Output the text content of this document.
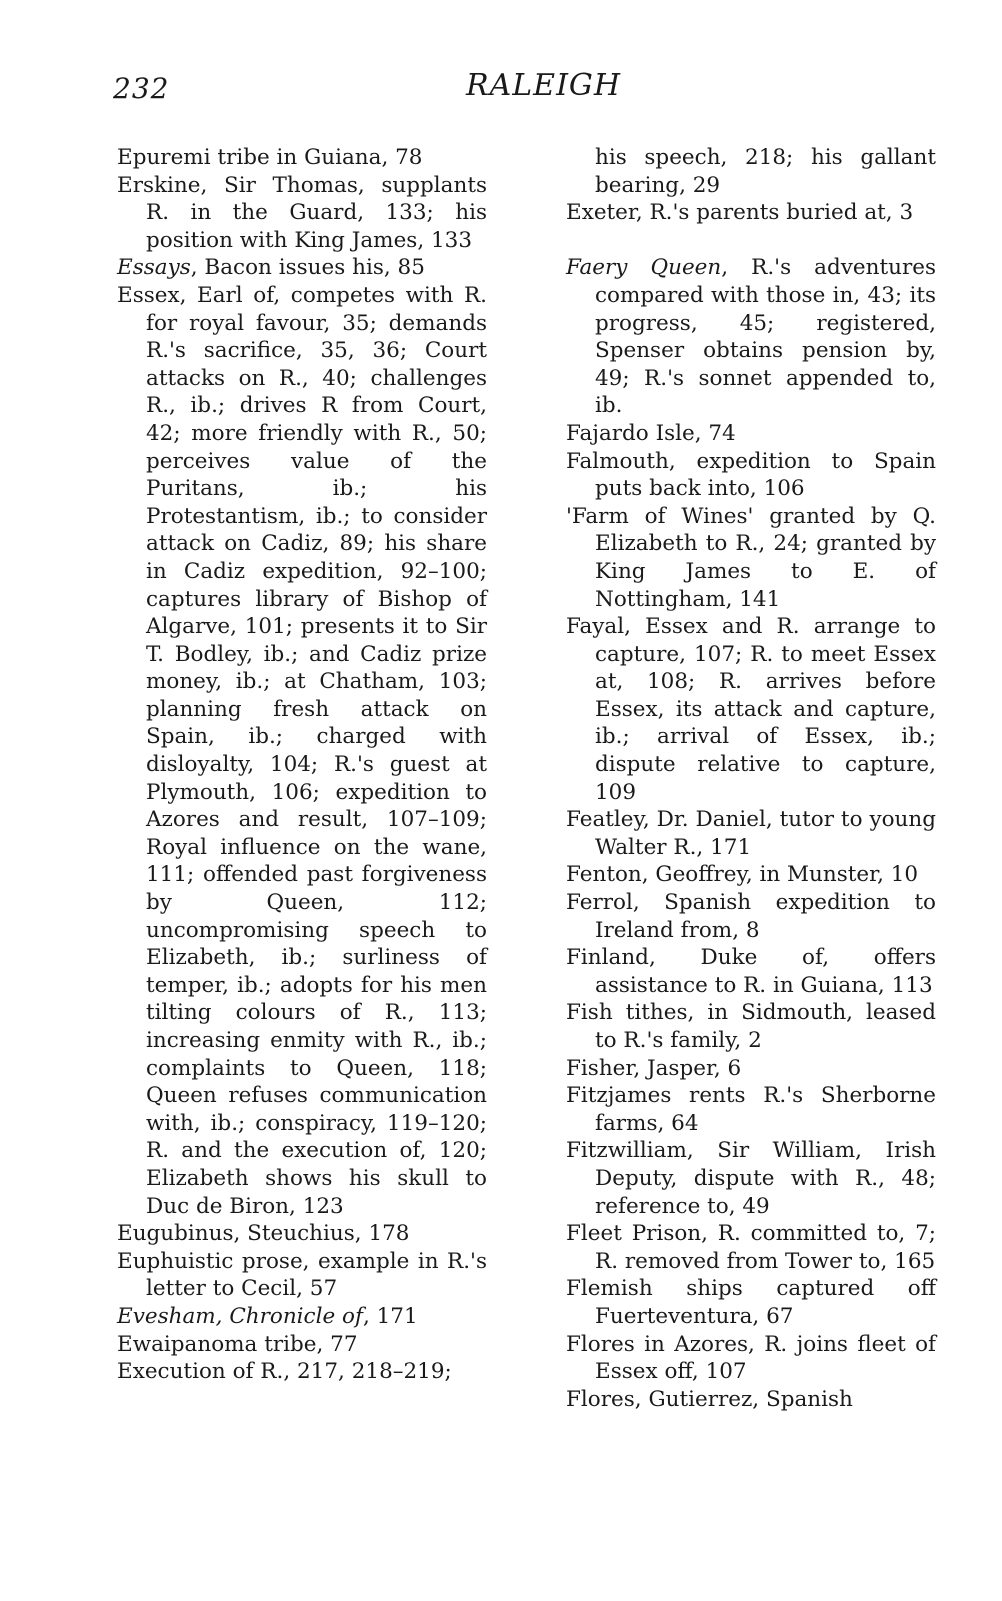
232	RALEIGH
Epuremi tribe in Guiana, 78
Erskine, Sir Thomas, supplants R. in the Guard, 133; his position with King James, 133
Essays, Bacon issues his, 85
Essex, Earl of, competes with R. for royal favour, 35; demands R.'s sacrifice, 35, 36; Court attacks on R., 40; challenges R., ib.; drives R from Court, 42; more friendly with R., 50; perceives value of the Puritans, ib.; his Protestantism, ib.; to consider attack on Cadiz, 89; his share in Cadiz expedition, 92–100; captures library of Bishop of Algarve, 101; presents it to Sir T. Bodley, ib.; and Cadiz prize money, ib.; at Chatham, 103; planning fresh attack on Spain, ib.; charged with disloyalty, 104; R.'s guest at Plymouth, 106; expedition to Azores and result, 107–109; Royal influence on the wane, 111; offended past forgiveness by Queen, 112; uncompromising speech to Elizabeth, ib.; surliness of temper, ib.; adopts for his men tilting colours of R., 113; increasing enmity with R., ib.; complaints to Queen, 118; Queen refuses communication with, ib.; conspiracy, 119–120; R. and the execution of, 120; Elizabeth shows his skull to Duc de Biron, 123
Eugubinus, Steuchius, 178
Euphuistic prose, example in R.'s letter to Cecil, 57
Evesham, Chronicle of, 171
Ewaipanoma tribe, 77
Execution of R., 217, 218–219;
his speech, 218; his gallant bearing, 29
Exeter, R.'s parents buried at, 3
Faery Queen, R.'s adventures compared with those in, 43; its progress, 45; registered, Spenser obtains pension by, 49; R.'s sonnet appended to, ib.
Fajardo Isle, 74
Falmouth, expedition to Spain puts back into, 106
'Farm of Wines' granted by Q. Elizabeth to R., 24; granted by King James to E. of Nottingham, 141
Fayal, Essex and R. arrange to capture, 107; R. to meet Essex at, 108; R. arrives before Essex, its attack and capture, ib.; arrival of Essex, ib.; dispute relative to capture, 109
Featley, Dr. Daniel, tutor to young Walter R., 171
Fenton, Geoffrey, in Munster, 10
Ferrol, Spanish expedition to Ireland from, 8
Finland, Duke of, offers assistance to R. in Guiana, 113
Fish tithes, in Sidmouth, leased to R.'s family, 2
Fisher, Jasper, 6
Fitzjames rents R.'s Sherborne farms, 64
Fitzwilliam, Sir William, Irish Deputy, dispute with R., 48; reference to, 49
Fleet Prison, R. committed to, 7; R. removed from Tower to, 165
Flemish ships captured off Fuerteventura, 67
Flores in Azores, R. joins fleet of Essex off, 107
Flores, Gutierrez, Spanish
